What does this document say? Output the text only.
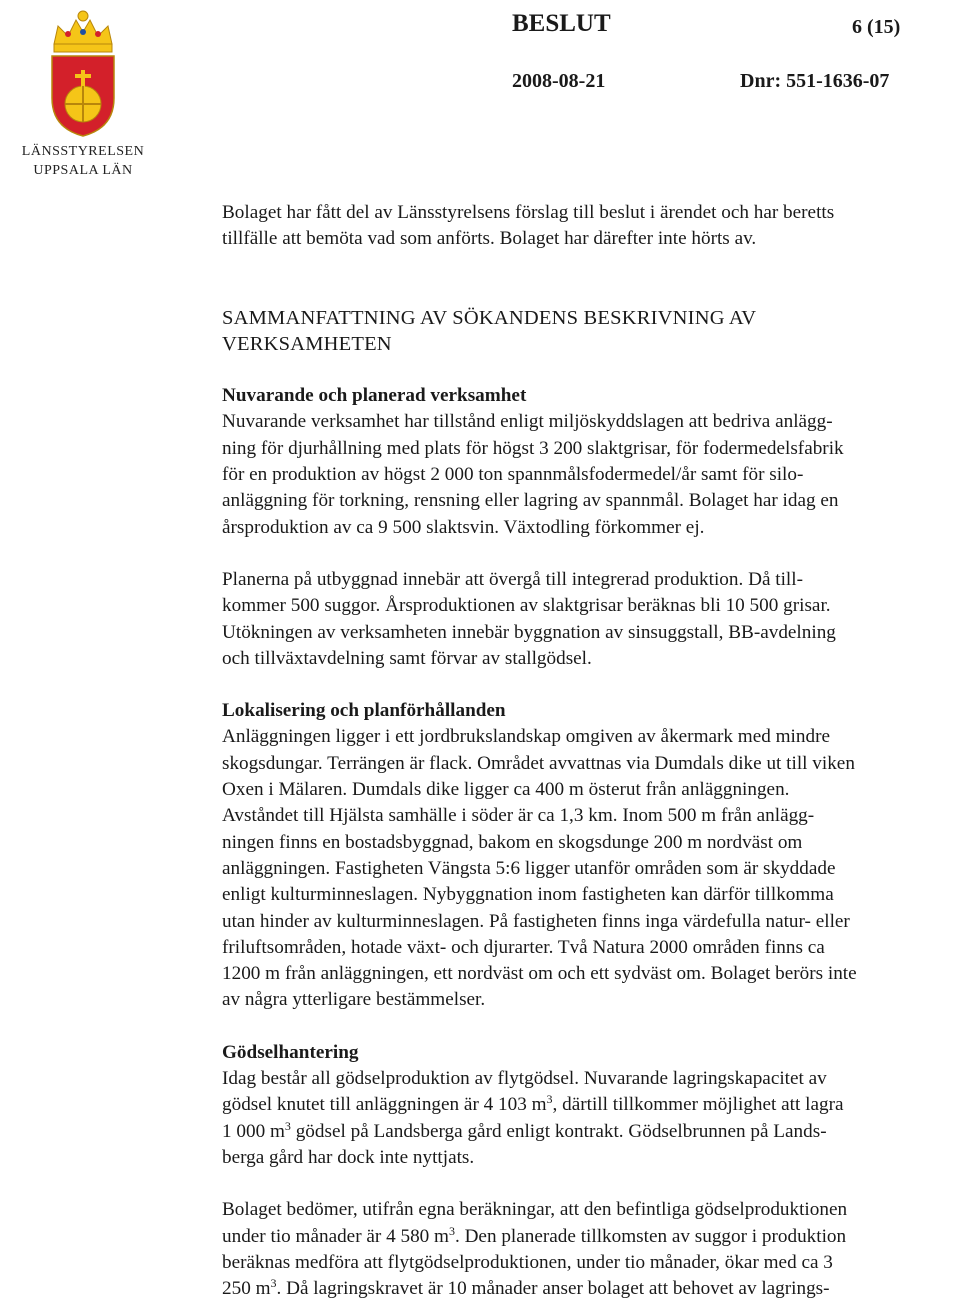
LÄNSSTYRELSEN
UPPSALA LÄN
BESLUT	6 (15)
2008-08-21	Dnr: 551-1636-07

Bolaget har fått del av Länsstyrelsens förslag till beslut i ärendet och har beretts
tillfälle att bemöta vad som anförts. Bolaget har därefter inte hörts av.

SAMMANFATTNING AV SÖKANDENS BESKRIVNING AV
VERKSAMHETEN

Nuvarande och planerad verksamhet
Nuvarande verksamhet har tillstånd enligt miljöskyddslagen att bedriva anlägg-
ning för djurhållning med plats för högst 3 200 slaktgrisar, för fodermedelsfabrik
för en produktion av högst 2 000 ton spannmålsfodermedel/år samt för silo-
anläggning för torkning, rensning eller lagring av spannmål. Bolaget har idag en
årsproduktion av ca 9 500 slaktsvin. Växtodling förkommer ej.

Planerna på utbyggnad innebär att övergå till integrerad produktion. Då till-
kommer 500 suggor. Årsproduktionen av slaktgrisar beräknas bli 10 500 grisar.
Utökningen av verksamheten innebär byggnation av sinsuggstall, BB-avdelning
och tillväxtavdelning samt förvar av stallgödsel.

Lokalisering och planförhållanden
Anläggningen ligger i ett jordbrukslandskap omgiven av åkermark med mindre
skogsdungar. Terrängen är flack. Området avvattnas via Dumdals dike ut till viken
Oxen i Mälaren. Dumdals dike ligger ca 400 m österut från anläggningen.
Avståndet till Hjälsta samhälle i söder är ca 1,3 km. Inom 500 m från anlägg-
ningen finns en bostadsbyggnad, bakom en skogsdunge 200 m nordväst om
anläggningen. Fastigheten Vängsta 5:6 ligger utanför områden som är skyddade
enligt kulturminneslagen. Nybyggnation inom fastigheten kan därför tillkomma
utan hinder av kulturminneslagen. På fastigheten finns inga värdefulla natur- eller
friluftsområden, hotade växt- och djurarter. Två Natura 2000 områden finns ca
1200 m från anläggningen, ett nordväst om och ett sydväst om. Bolaget berörs inte
av några ytterligare bestämmelser.

Gödselhantering
Idag består all gödselproduktion av flytgödsel. Nuvarande lagringskapacitet av
gödsel knutet till anläggningen är 4 103 $m^3$, därtill tillkommer möjlighet att lagra
1 000 $m^3$ gödsel på Landsberga gård enligt kontrakt. Gödselbrunnen på Lands-
berga gård har dock inte nyttjats.

Bolaget bedömer, utifrån egna beräkningar, att den befintliga gödselproduktionen
under tio månader är 4 580 $m^3$. Den planerade tillkomsten av suggor i produktion
beräknas medföra att flytgödselproduktionen, under tio månader, ökar med ca 3
250 $m^3$. Då lagringskravet är 10 månader anser bolaget att behovet av lagrings-
